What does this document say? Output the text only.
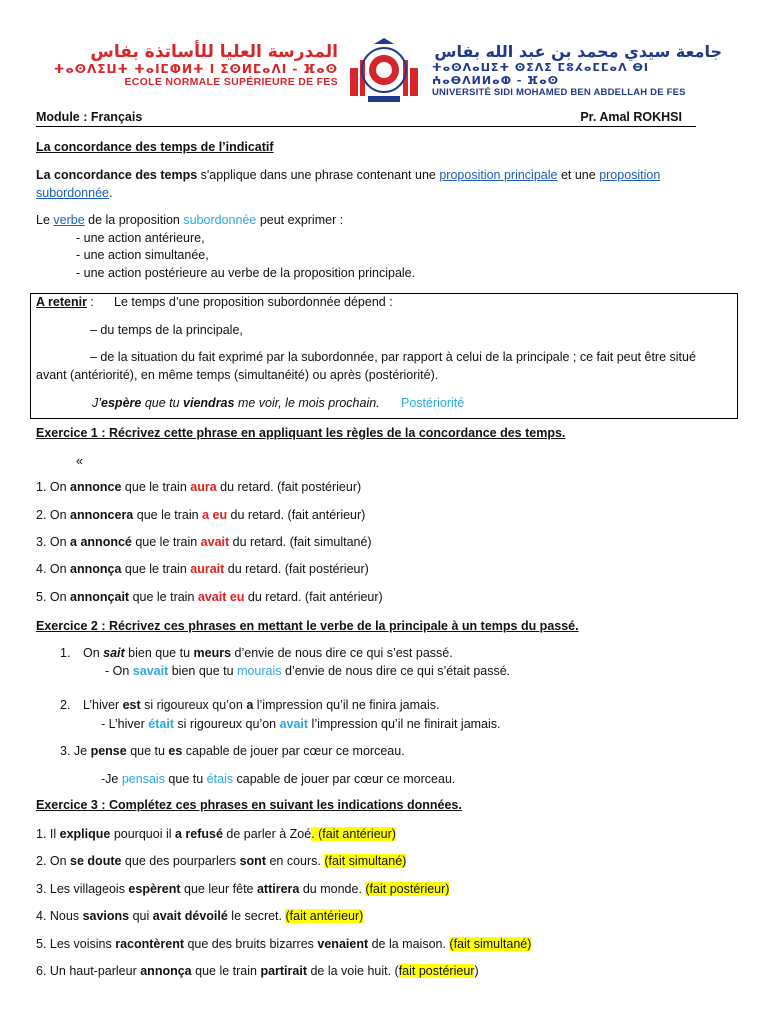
المدرسة العليا للأساتذة بفاس
ⵜⴰⵙⴷⵉⵡⵜ ⵜⴰⵏⵎⵀⵍⵜ ⵏ ⵉⵙⵍⵎⴰⴷⵏ - ⴼⴰⵙ
ECOLE NORMALE SUPÉRIEURE DE FES
جامعة سيدي محمد بن عبد الله بفاس
ⵜⴰⵙⴷⴰⵡⵉⵜ ⵙⵉⴷⵉ ⵎⵓⵃⴰⵎⵎⴰⴷ ⴱⵏ ⵄⴰⴱⴷⵍⵍⴰⵀ - ⴼⴰⵙ
UNIVERSITÉ SIDI MOHAMED BEN ABDELLAH DE FES
Module : Français	Pr. Amal ROKHSI
La concordance des temps de l’indicatif
La concordance des temps s'applique dans une phrase contenant une proposition principale et une proposition
subordonnée.
Le verbe de la proposition subordonnée peut exprimer :
- une action antérieure,
- une action simultanée,
- une action postérieure au verbe de la proposition principale.
A retenir : Le temps d’une proposition subordonnée dépend :
– du temps de la principale,
– de la situation du fait exprimé par la subordonnée, par rapport à celui de la principale ; ce fait peut être situé
avant (antériorité), en même temps (simultanéité) ou après (postériorité).
J’espère que tu viendras me voir, le mois prochain. Postériorité
Exercice 1 : Récrivez cette phrase en appliquant les règles de la concordance des temps.
«
1. On annonce que le train aura du retard. (fait postérieur)
2. On annoncera que le train a eu du retard. (fait antérieur)
3. On a annoncé que le train avait du retard. (fait simultané)
4. On annonça que le train aurait du retard. (fait postérieur)
5. On annonçait que le train avait eu du retard. (fait antérieur)
Exercice 2 : Récrivez ces phrases en mettant le verbe de la principale à un temps du passé.
1. On sait bien que tu meurs d’envie de nous dire ce qui s’est passé.
- On savait bien que tu mourais d’envie de nous dire ce qui s’était passé.
2. L’hiver est si rigoureux qu’on a l’impression qu’il ne finira jamais.
- L’hiver était si rigoureux qu’on avait l’impression qu’il ne finirait jamais.
3. Je pense que tu es capable de jouer par cœur ce morceau.
-Je pensais que tu étais capable de jouer par cœur ce morceau.
Exercice 3 : Complétez ces phrases en suivant les indications données.
1. Il explique pourquoi il a refusé de parler à Zoé. (fait antérieur)
2. On se doute que des pourparlers sont en cours. (fait simultané)
3. Les villageois espèrent que leur fête attirera du monde. (fait postérieur)
4. Nous savions qui avait dévoilé le secret. (fait antérieur)
5. Les voisins racontèrent que des bruits bizarres venaient de la maison. (fait simultané)
6. Un haut-parleur annonça que le train partirait de la voie huit. (fait postérieur)
